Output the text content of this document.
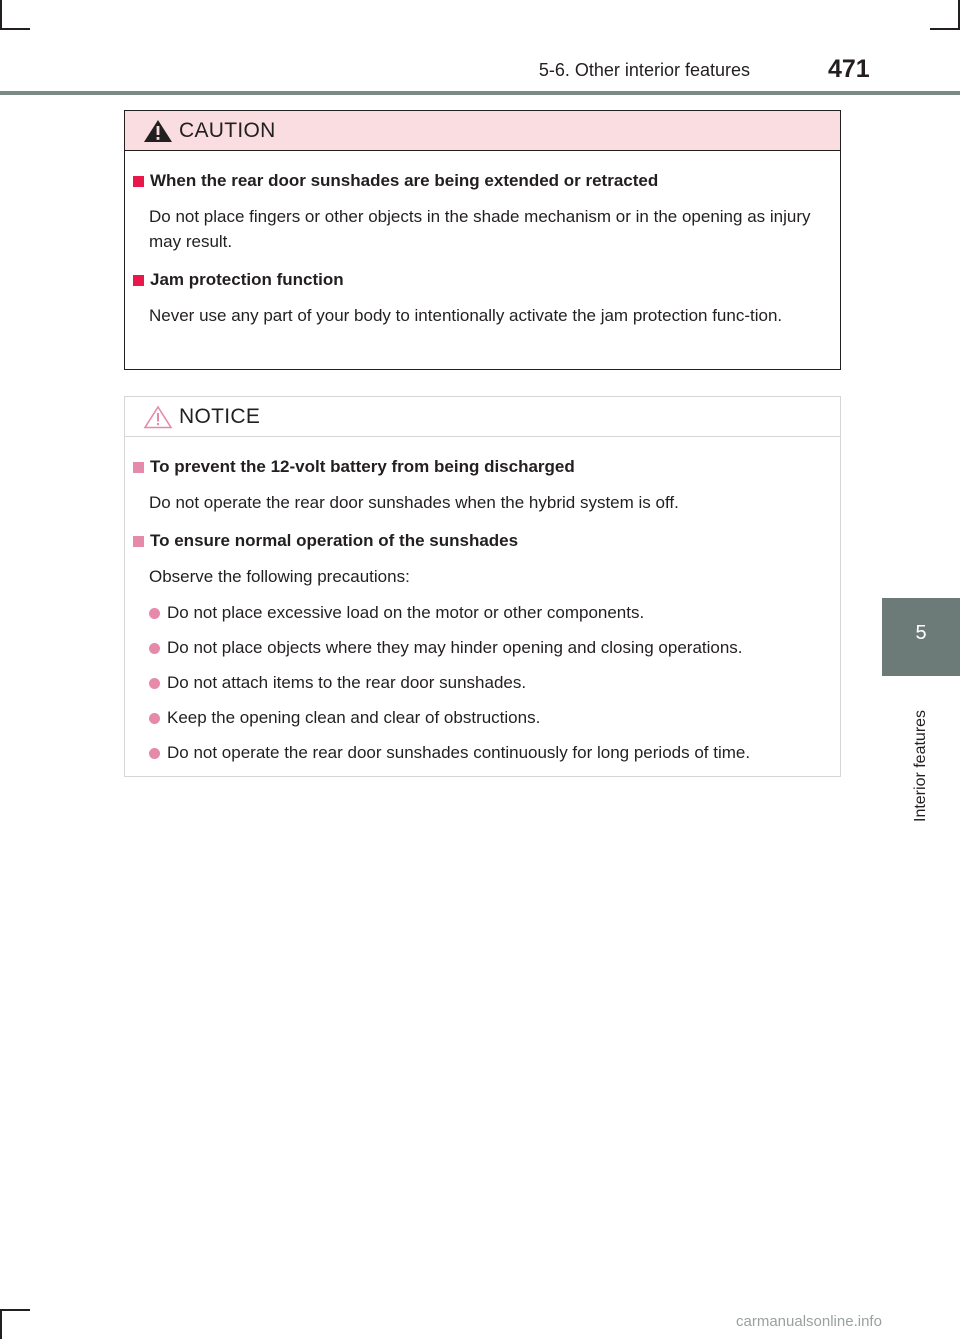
5-6. Other interior features	471
5
Interior features
CAUTION
When the rear door sunshades are being extended or retracted
Do not place fingers or other objects in the shade mechanism or in the opening as injury may result.
Jam protection function
Never use any part of your body to intentionally activate the jam protection func-tion.
NOTICE
To prevent the 12-volt battery from being discharged
Do not operate the rear door sunshades when the hybrid system is off.
To ensure normal operation of the sunshades
Observe the following precautions:
Do not place excessive load on the motor or other components.
Do not place objects where they may hinder opening and closing operations.
Do not attach items to the rear door sunshades.
Keep the opening clean and clear of obstructions.
Do not operate the rear door sunshades continuously for long periods of time.
carmanualsonline.info
